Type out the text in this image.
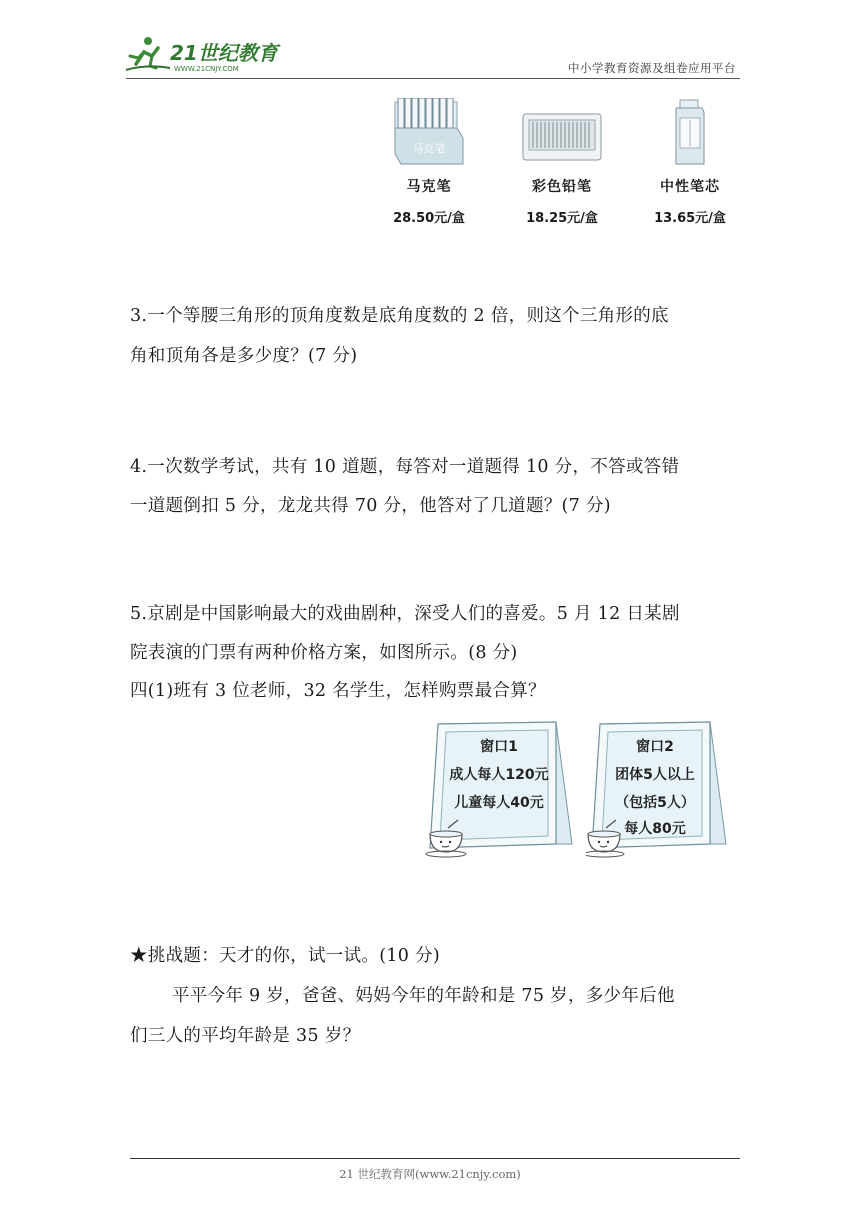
21世纪教育
WWW.21CNJY.COM	中小学教育资源及组卷应用平台
马克笔
马克笔
28.50元/盒
彩色铅笔
18.25元/盒
中性笔芯
13.65元/盒
3.一个等腰三角形的顶角度数是底角度数的 2 倍，则这个三角形的底
角和顶角各是多少度？(7 分)
4.一次数学考试，共有 10 道题，每答对一道题得 10 分，不答或答错
一道题倒扣 5 分，龙龙共得 70 分，他答对了几道题？(7 分)
5.京剧是中国影响最大的戏曲剧种，深受人们的喜爱。5 月 12 日某剧
院表演的门票有两种价格方案，如图所示。(8 分)
四(1)班有 3 位老师，32 名学生，怎样购票最合算？
窗口1
成人每人120元
儿童每人40元
窗口2
团体5人以上
（包括5人）
每人80元
★挑战题：天才的你，试一试。(10 分)
平平今年 9 岁，爸爸、妈妈今年的年龄和是 75 岁，多少年后他
们三人的平均年龄是 35 岁？
21 世纪教育网(www.21cnjy.com)
